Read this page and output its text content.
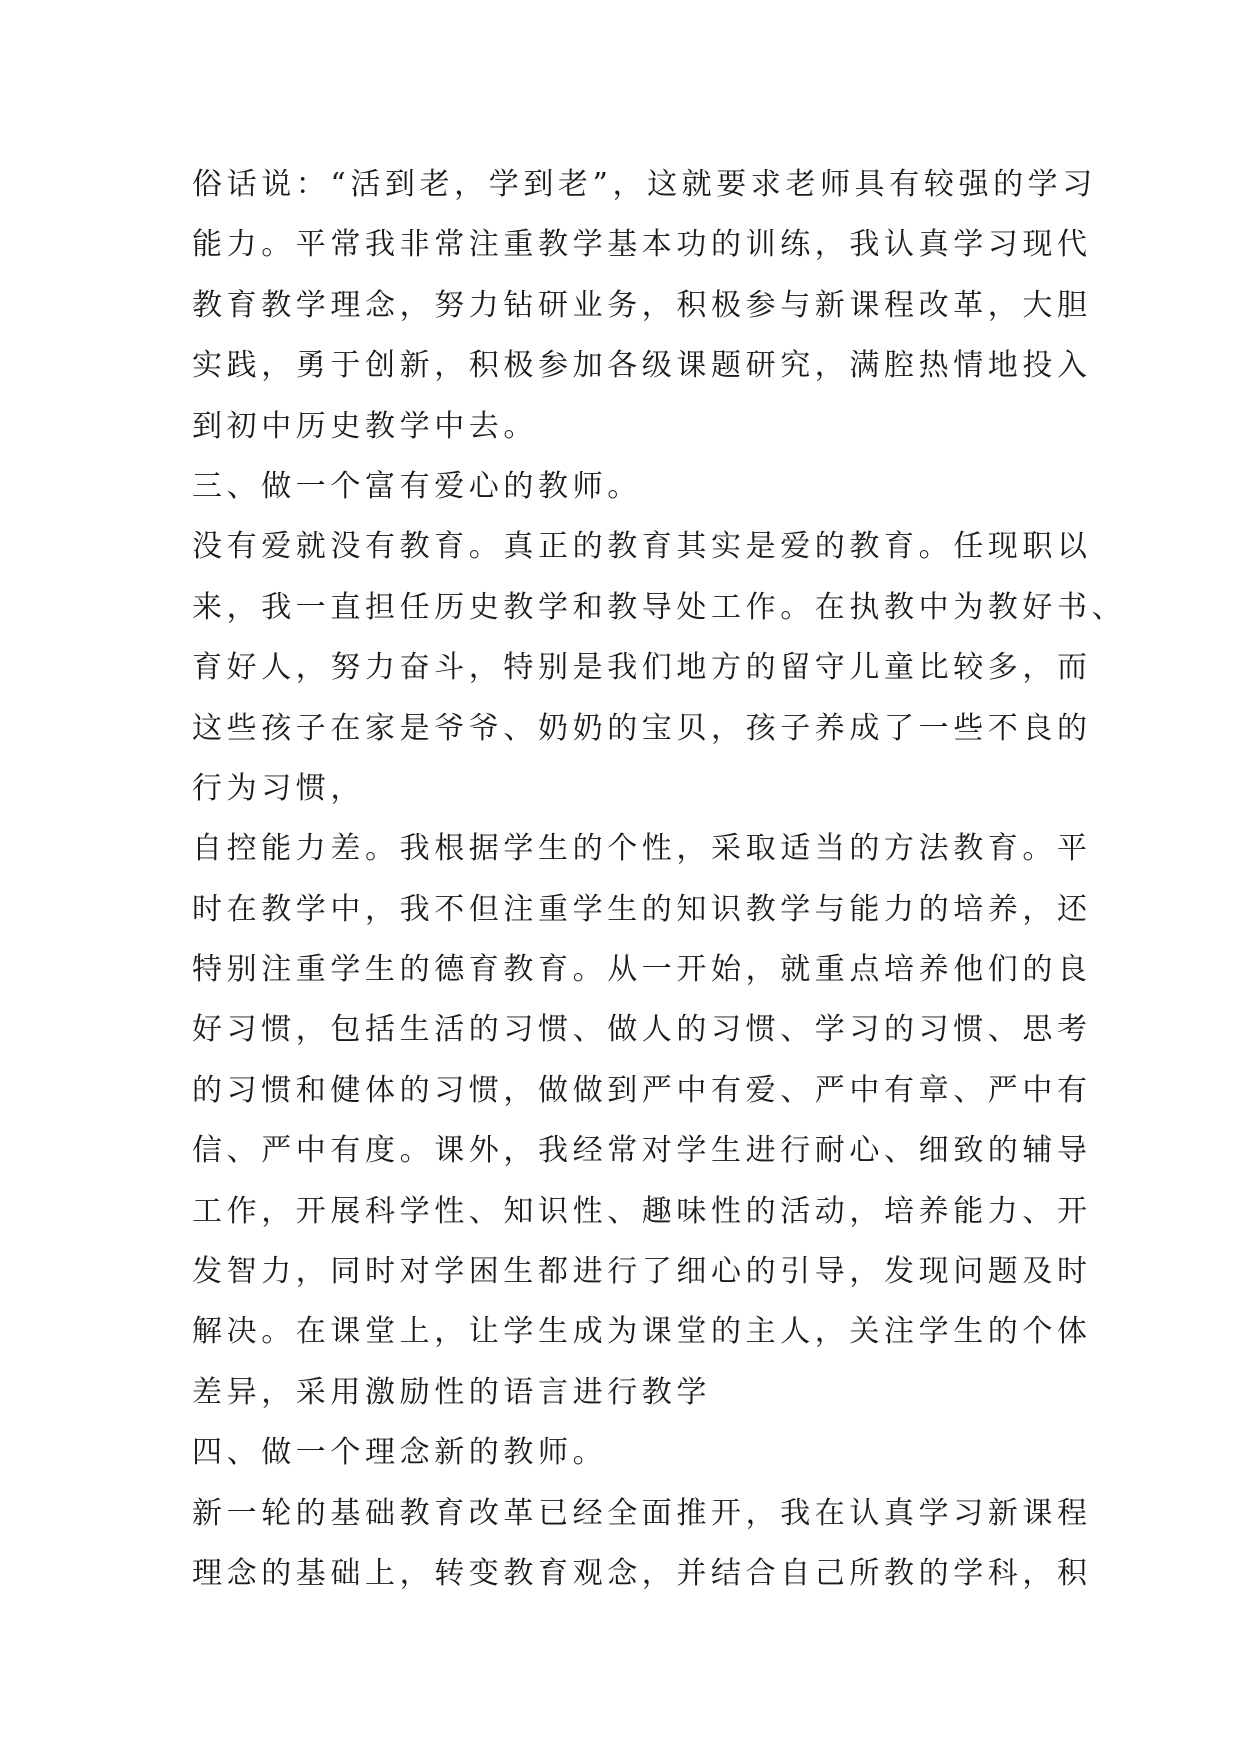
俗话说：“活到老，学到老”，这就要求老师具有较强的学习
能力。平常我非常注重教学基本功的训练，我认真学习现代
教育教学理念，努力钻研业务，积极参与新课程改革，大胆
实践，勇于创新，积极参加各级课题研究，满腔热情地投入
到初中历史教学中去。
三、做一个富有爱心的教师。
没有爱就没有教育。真正的教育其实是爱的教育。任现职以
来，我一直担任历史教学和教导处工作。在执教中为教好书、
育好人，努力奋斗，特别是我们地方的留守儿童比较多，而
这些孩子在家是爷爷、奶奶的宝贝，孩子养成了一些不良的
行为习惯，
自控能力差。我根据学生的个性，采取适当的方法教育。平
时在教学中，我不但注重学生的知识教学与能力的培养，还
特别注重学生的德育教育。从一开始，就重点培养他们的良
好习惯，包括生活的习惯、做人的习惯、学习的习惯、思考
的习惯和健体的习惯，做做到严中有爱、严中有章、严中有
信、严中有度。课外，我经常对学生进行耐心、细致的辅导
工作，开展科学性、知识性、趣味性的活动，培养能力、开
发智力，同时对学困生都进行了细心的引导，发现问题及时
解决。在课堂上，让学生成为课堂的主人，关注学生的个体
差异，采用激励性的语言进行教学
四、做一个理念新的教师。
新一轮的基础教育改革已经全面推开，我在认真学习新课程
理念的基础上，转变教育观念，并结合自己所教的学科，积
